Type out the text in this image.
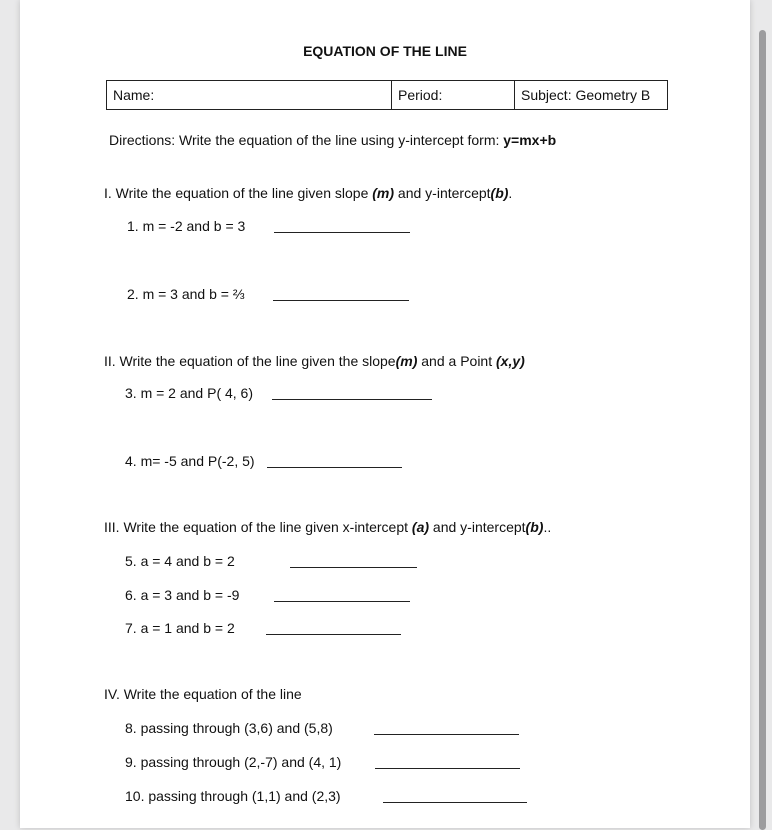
EQUATION OF THE LINE
Name:	Period:	Subject: Geometry B
Directions: Write the equation of the line using y-intercept form: y=mx+b
I. Write the equation of the line given slope (m) and y-intercept(b).
1. m = -2 and b = 3
2. m = 3 and b = ⅔
II. Write the equation of the line given the slope(m) and a Point (x,y)
3. m = 2 and P( 4, 6)
4. m= -5 and P(-2, 5)
III. Write the equation of the line given x-intercept (a) and y-intercept(b)..
5. a = 4 and b = 2
6. a = 3 and b = -9
7. a = 1 and b = 2
IV. Write the equation of the line
8. passing through (3,6) and (5,8)
9. passing through (2,-7) and (4, 1)
10. passing through (1,1) and (2,3)
